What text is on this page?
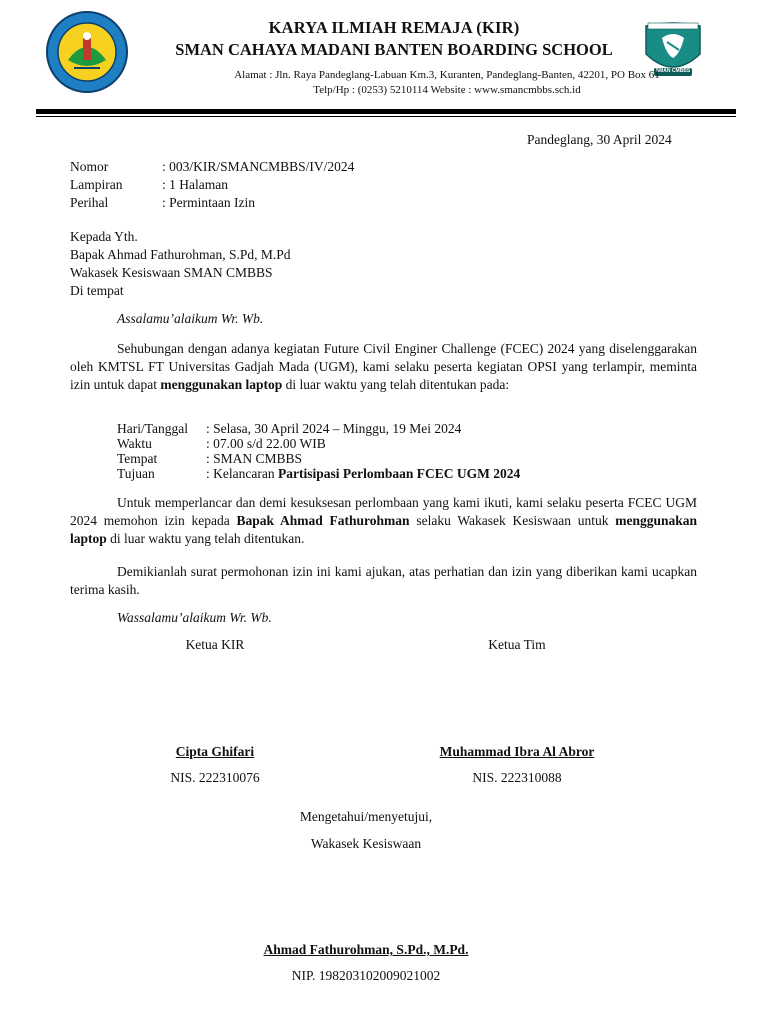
SMAN CMBBS
KARYA ILMIAH REMAJA (KIR)
SMAN CAHAYA MADANI BANTEN BOARDING SCHOOL
Alamat : Jln. Raya Pandeglang-Labuan Km.3, Kuranten, Pandeglang-Banten, 42201, PO Box 61
Telp/Hp : (0253) 5210114 Website : www.smancmbbs.sch.id
Pandeglang, 30 April 2024
Nomor	: 003/KIR/SMANCMBBS/IV/2024
Lampiran	: 1 Halaman
Perihal	: Permintaan Izin
Kepada Yth.
Bapak Ahmad Fathurohman, S.Pd, M.Pd
Wakasek Kesiswaan SMAN CMBBS
Di tempat
Assalamu’alaikum Wr. Wb.
Sehubungan dengan adanya kegiatan Future Civil Enginer Challenge (FCEC) 2024 yang diselenggarakan oleh KMTSL FT Universitas Gadjah Mada (UGM), kami selaku peserta kegiatan OPSI yang terlampir, meminta izin untuk dapat menggunakan laptop di luar waktu yang telah ditentukan pada:
Hari/Tanggal : Selasa, 30 April 2024 – Minggu, 19 Mei 2024
Waktu	: 07.00 s/d 22.00 WIB
Tempat	: SMAN CMBBS
Tujuan	: Kelancaran Partisipasi Perlombaan FCEC UGM 2024
Untuk memperlancar dan demi kesuksesan perlombaan yang kami ikuti, kami selaku peserta FCEC UGM 2024 memohon izin kepada Bapak Ahmad Fathurohman selaku Wakasek Kesiswaan untuk menggunakan laptop di luar waktu yang telah ditentukan.
Demikianlah surat permohonan izin ini kami ajukan, atas perhatian dan izin yang diberikan kami ucapkan terima kasih.
Wassalamu’alaikum Wr. Wb.
Ketua KIR	Ketua Tim
Cipta Ghifari	Muhammad Ibra Al Abror
NIS. 222310076	NIS. 222310088
Mengetahui/menyetujui,
Wakasek Kesiswaan
Ahmad Fathurohman, S.Pd., M.Pd.
NIP. 198203102009021002
